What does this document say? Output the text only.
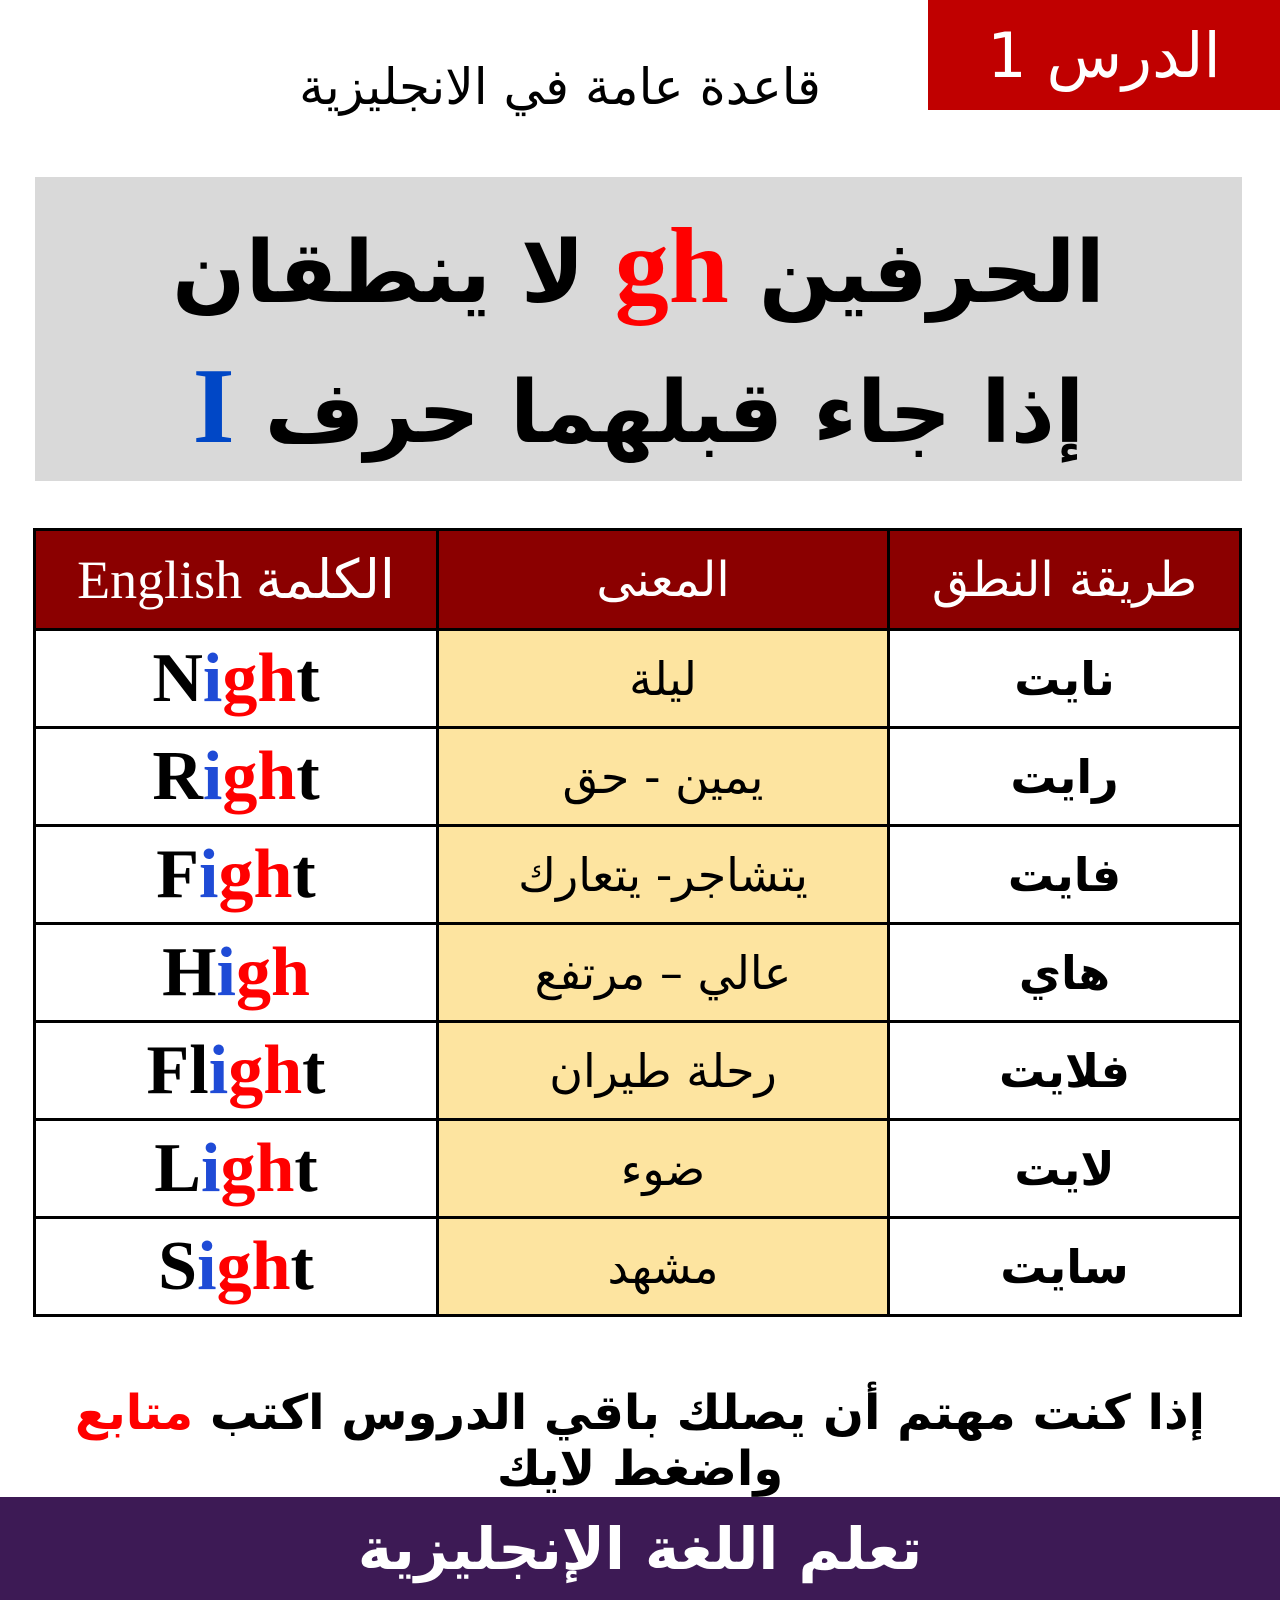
الدرس 1
قاعدة عامة في الانجليزية
الحرفين gh لا ينطقان
إذا جاء قبلهما حرف I
الكلمة English	المعنى	طريقة النطق
Night	ليلة	نايت
Right	يمين - حق	رايت
Fight	يتشاجر- يتعارك	فايت
High	عالي – مرتفع	هاي
Flight	رحلة طيران	فلايت
Light	ضوء	لايت
Sight	مشهد	سايت
إذا كنت مهتم أن يصلك باقي الدروس اكتب متابع واضغط لايك
تعلم اللغة الإنجليزية
